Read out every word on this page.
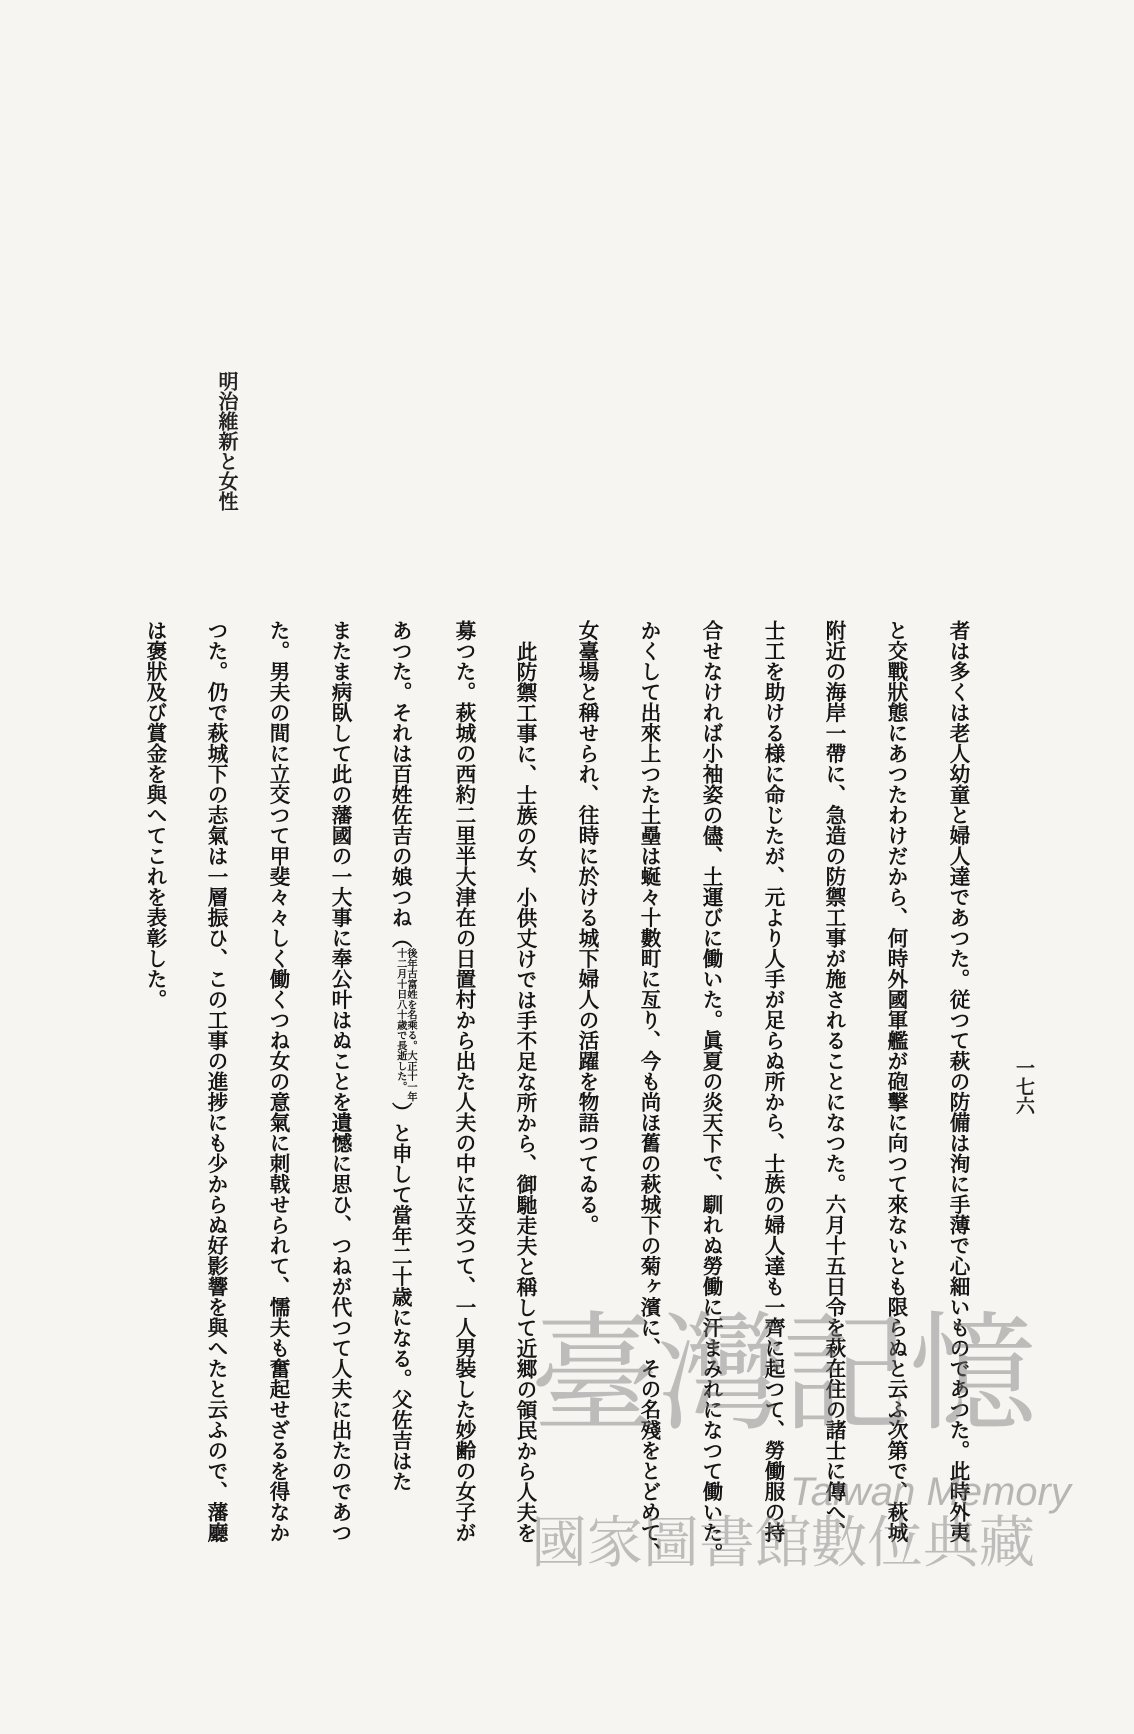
明治維新と女性
一七六
者は多くは老人幼童と婦人達であつた。従つて萩の防備は洵に手薄で心細いものであつた。此時外夷
と交戰狀態にあつたわけだから、何時外國軍艦が砲擊に向つて來ないとも限らぬと云ふ次第で、萩城
附近の海岸一帶に、急造の防禦工事が施されることになつた。六月十五日令を萩在住の諸士に傳へ、
士工を助ける様に命じたが、元より人手が足らぬ所から、士族の婦人達も一齊に起つて、勞働服の持
合せなければ小袖姿の儘、土運びに働いた。眞夏の炎天下で、馴れぬ勞働に汗まみれになつて働いた。
かくして出來上つた土壘は蜒々十數町に亙り、今も尚ほ舊の萩城下の菊ヶ濱に、その名殘をとどめて、
女臺場と稱せられ、往時に於ける城下婦人の活躍を物語つてゐる。
此防禦工事に、士族の女、小供丈けでは手不足な所から、御馳走夫と稱して近郷の領民から人夫を
募つた。萩城の西約二里半大津在の日置村から出た人夫の中に立交つて、一人男裝した妙齢の女子が
あつた。それは百姓佐吉の娘つね（後年古富姓を名乘る。大正十一年
十二月十日八十歳で長逝した。）と申して當年二十歳になる。父佐吉はた
またま病臥して此の藩國の一大事に奉公叶はぬことを遺憾に思ひ、つねが代つて人夫に出たのであつ
た。男夫の間に立交つて甲斐々々しく働くつね女の意氣に刺戟せられて、懦夫も奮起せざるを得なか
つた。仍で萩城下の志氣は一層振ひ、この工事の進捗にも少からぬ好影響を與へたと云ふので、藩廳
は褒狀及び賞金を與へてこれを表彰した。
臺灣記憶
Taiwan Memory
國家圖書館數位典藏
